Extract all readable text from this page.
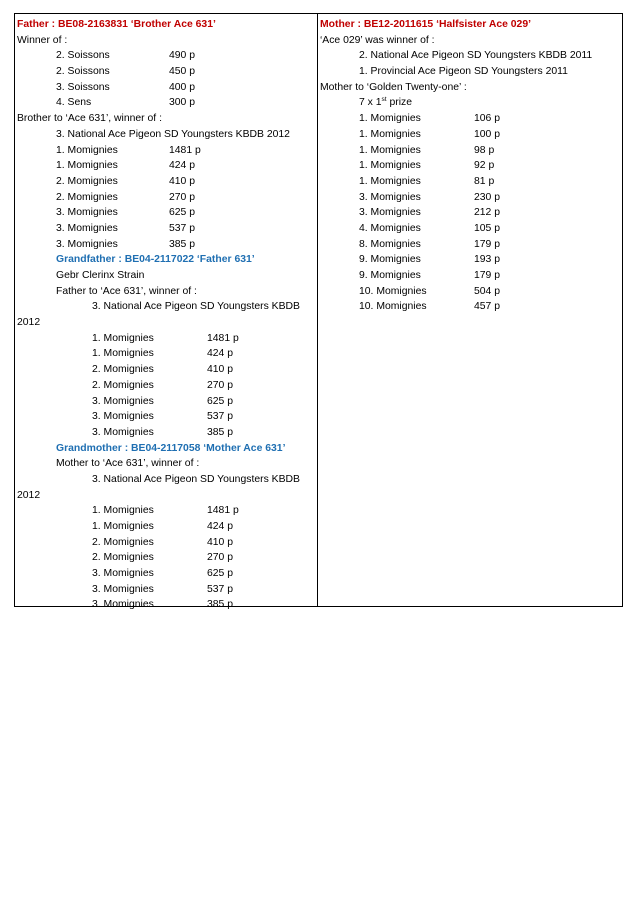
Father : BE08-2163831 ‘Brother Ace 631’
Winner of :
2. Soissons	490 p
2. Soissons	450 p
3. Soissons	400 p
4. Sens	300 p
Brother to ‘Ace 631’, winner of :
3. National Ace Pigeon SD Youngsters KBDB 2012
1. Momignies	1481 p
1. Momignies	424 p
2. Momignies	410 p
2. Momignies	270 p
3. Momignies	625 p
3. Momignies	537 p
3. Momignies	385 p
Grandfather : BE04-2117022 ‘Father 631’
Gebr Clerinx Strain
Father to ‘Ace 631’, winner of :
3. National Ace Pigeon SD Youngsters KBDB
2012
1. Momignies	1481 p
1. Momignies	424 p
2. Momignies	410 p
2. Momignies	270 p
3. Momignies	625 p
3. Momignies	537 p
3. Momignies	385 p
Grandmother : BE04-2117058 ‘Mother Ace 631’
Mother to ‘Ace 631’, winner of :
3. National Ace Pigeon SD Youngsters KBDB
2012
1. Momignies	1481 p
1. Momignies	424 p
2. Momignies	410 p
2. Momignies	270 p
3. Momignies	625 p
3. Momignies	537 p
3. Momignies	385 p
Mother : BE12-2011615 ‘Halfsister Ace 029’
‘Ace 029’ was winner of :
2. National Ace Pigeon SD Youngsters KBDB 2011
1. Provincial Ace Pigeon SD Youngsters 2011
Mother to ‘Golden Twenty-one’ :
7 x 1st prize
1. Momignies	106 p
1. Momignies	100 p
1. Momignies	98 p
1. Momignies	92 p
1. Momignies	81 p
3. Momignies	230 p
3. Momignies	212 p
4. Momignies	105 p
8. Momignies	179 p
9. Momignies	193 p
9. Momignies	179 p
10. Momignies	504 p
10. Momignies	457 p
